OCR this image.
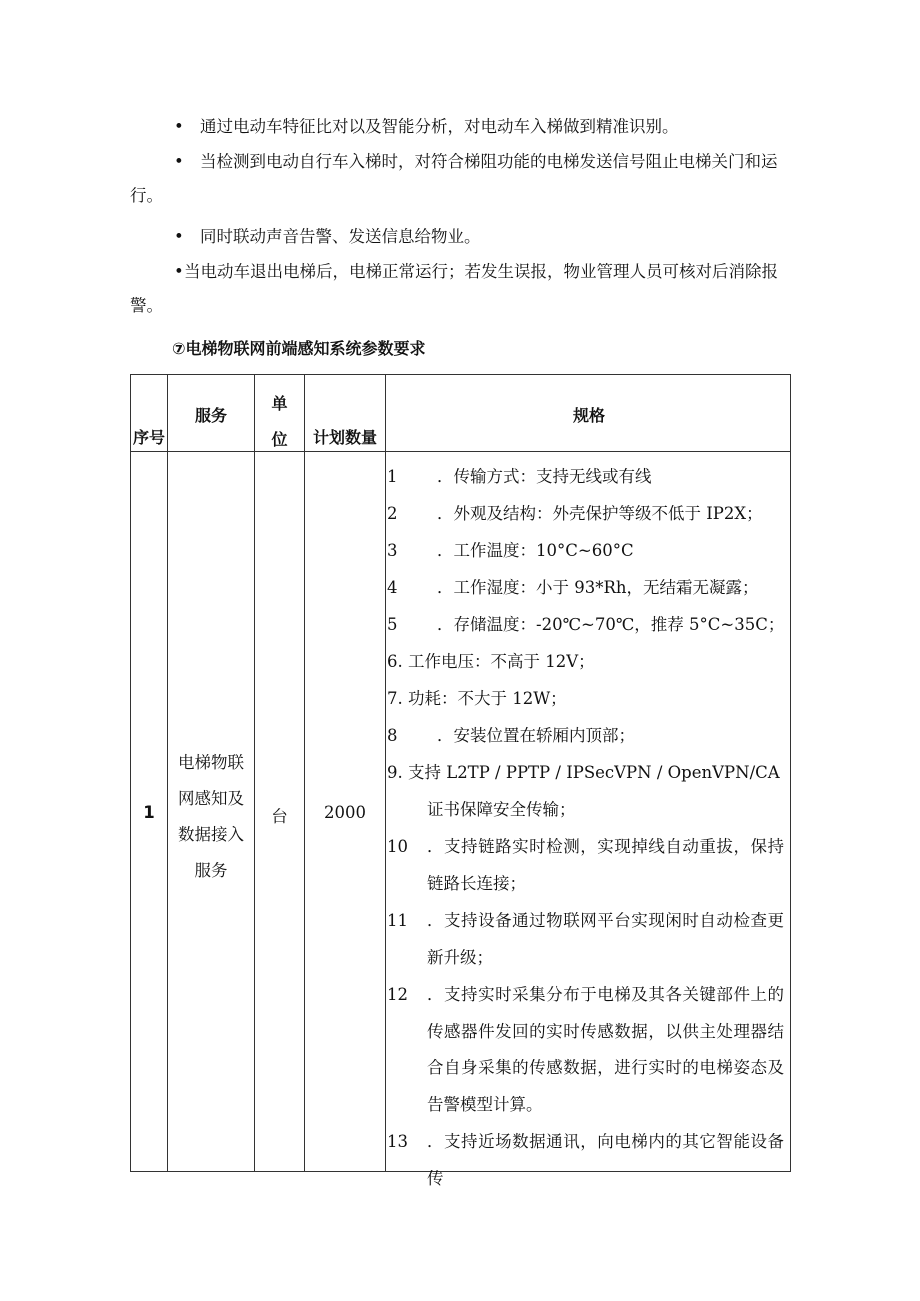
• 通过电动车特征比对以及智能分析，对电动车入梯做到精准识别。
• 当检测到电动自行车入梯时，对符合梯阻功能的电梯发送信号阻止电梯关门和运行。
• 同时联动声音告警、发送信息给物业。
•当电动车退出电梯后，电梯正常运行；若发生误报，物业管理人员可核对后消除报警。
⑦电梯物联网前端感知系统参数要求
序号
服务
单
位	计划数量
规格
1
电梯物联网感知及数据接入服务
台	2000
1 ．传输方式：支持无线或有线
2 ．外观及结构：外壳保护等级不低于 IP2X；
3 ．工作温度：10°C~60°C
4 ．工作湿度：小于 93*Rh，无结霜无凝露；
5 ．存储温度：-20℃~70℃，推荐 5°C~35C；
6. 工作电压：不高于 12V；
7. 功耗：不大于 12W；
8 ．安装位置在轿厢内顶部；
9. 支持 L2TP / PPTP / IPSecVPN / OpenVPN/CA 证书保障安全传输；
10 ．支持链路实时检测，实现掉线自动重拔，保持链路长连接；
11 ．支持设备通过物联网平台实现闲时自动检查更新升级；
12 ．支持实时采集分布于电梯及其各关键部件上的传感器件发回的实时传感数据，以供主处理器结合自身采集的传感数据，进行实时的电梯姿态及告警模型计算。
13 ．支持近场数据通讯，向电梯内的其它智能设备传
